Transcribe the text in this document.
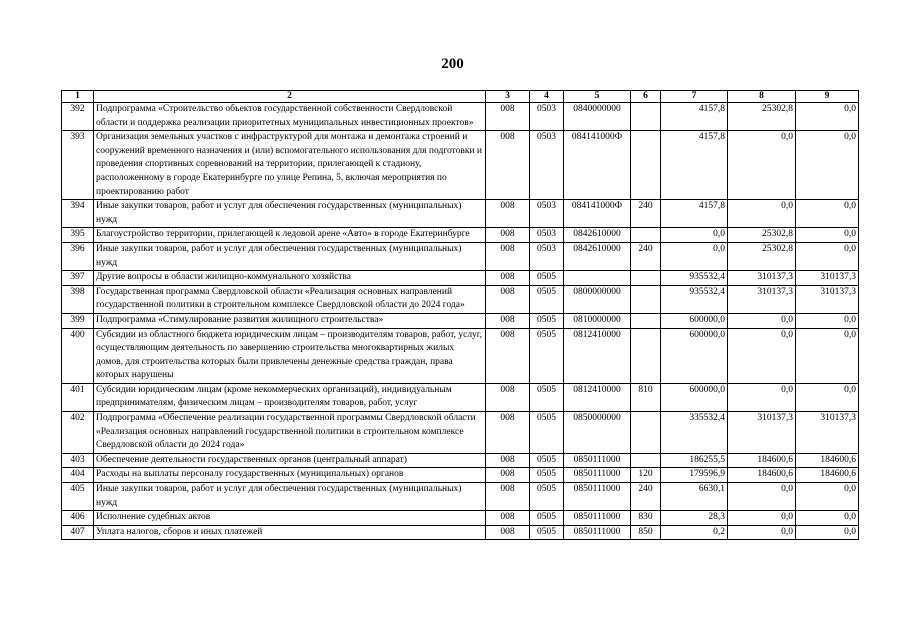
200
1	2	3	4	5	6	7	8	9
392	Подпрограмма «Строительство объектов государственной собственности Свердловской области и поддержка реализации приоритетных муниципальных инвестиционных проектов»	008	0503	0840000000		4157,8	25302,8	0,0
393	Организация земельных участков с инфраструктурой для монтажа и демонтажа строений и сооружений временного назначения и (или) вспомогательного использования для подготовки и проведения спортивных соревнований на территории, прилегающей к стадиону, расположенному в городе Екатеринбурге по улице Репина, 5, включая мероприятия по проектированию работ	008	0503	084141000Ф		4157,8	0,0	0,0
394	Иные закупки товаров, работ и услуг для обеспечения государственных (муниципальных) нужд	008	0503	084141000Ф	240	4157,8	0,0	0,0
395	Благоустройство территории, прилегающей к ледовой арене «Авто» в городе Екатеринбурге	008	0503	0842610000		0,0	25302,8	0,0
396	Иные закупки товаров, работ и услуг для обеспечения государственных (муниципальных) нужд	008	0503	0842610000	240	0,0	25302,8	0,0
397	Другие вопросы в области жилищно-коммунального хозяйства	008	0505			935532,4	310137,3	310137,3
398	Государственная программа Свердловской области «Реализация основных направлений государственной политики в строительном комплексе Свердловской области до 2024 года»	008	0505	0800000000		935532,4	310137,3	310137,3
399	Подпрограмма «Стимулирование развития жилищного строительства»	008	0505	0810000000		600000,0	0,0	0,0
400	Субсидии из областного бюджета юридическим лицам – производителям товаров, работ, услуг, осуществляющим деятельность по завершению строительства многоквартирных жилых домов, для строительства которых были привлечены денежные средства граждан, права которых нарушены	008	0505	0812410000		600000,0	0,0	0,0
401	Субсидии юридическим лицам (кроме некоммерческих организаций), индивидуальным предпринимателям, физическим лицам – производителям товаров, работ, услуг	008	0505	0812410000	810	600000,0	0,0	0,0
402	Подпрограмма «Обеспечение реализации государственной программы Свердловской области «Реализация основных направлений государственной политики в строительном комплексе Свердловской области до 2024 года»	008	0505	0850000000		335532,4	310137,3	310137,3
403	Обеспечение деятельности государственных органов (центральный аппарат)	008	0505	0850111000		186255,5	184600,6	184600,6
404	Расходы на выплаты персоналу государственных (муниципальных) органов	008	0505	0850111000	120	179596,9	184600,6	184600,6
405	Иные закупки товаров, работ и услуг для обеспечения государственных (муниципальных) нужд	008	0505	0850111000	240	6630,1	0,0	0,0
406	Исполнение судебных актов	008	0505	0850111000	830	28,3	0,0	0,0
407	Уплата налогов, сборов и иных платежей	008	0505	0850111000	850	0,2	0,0	0,0
